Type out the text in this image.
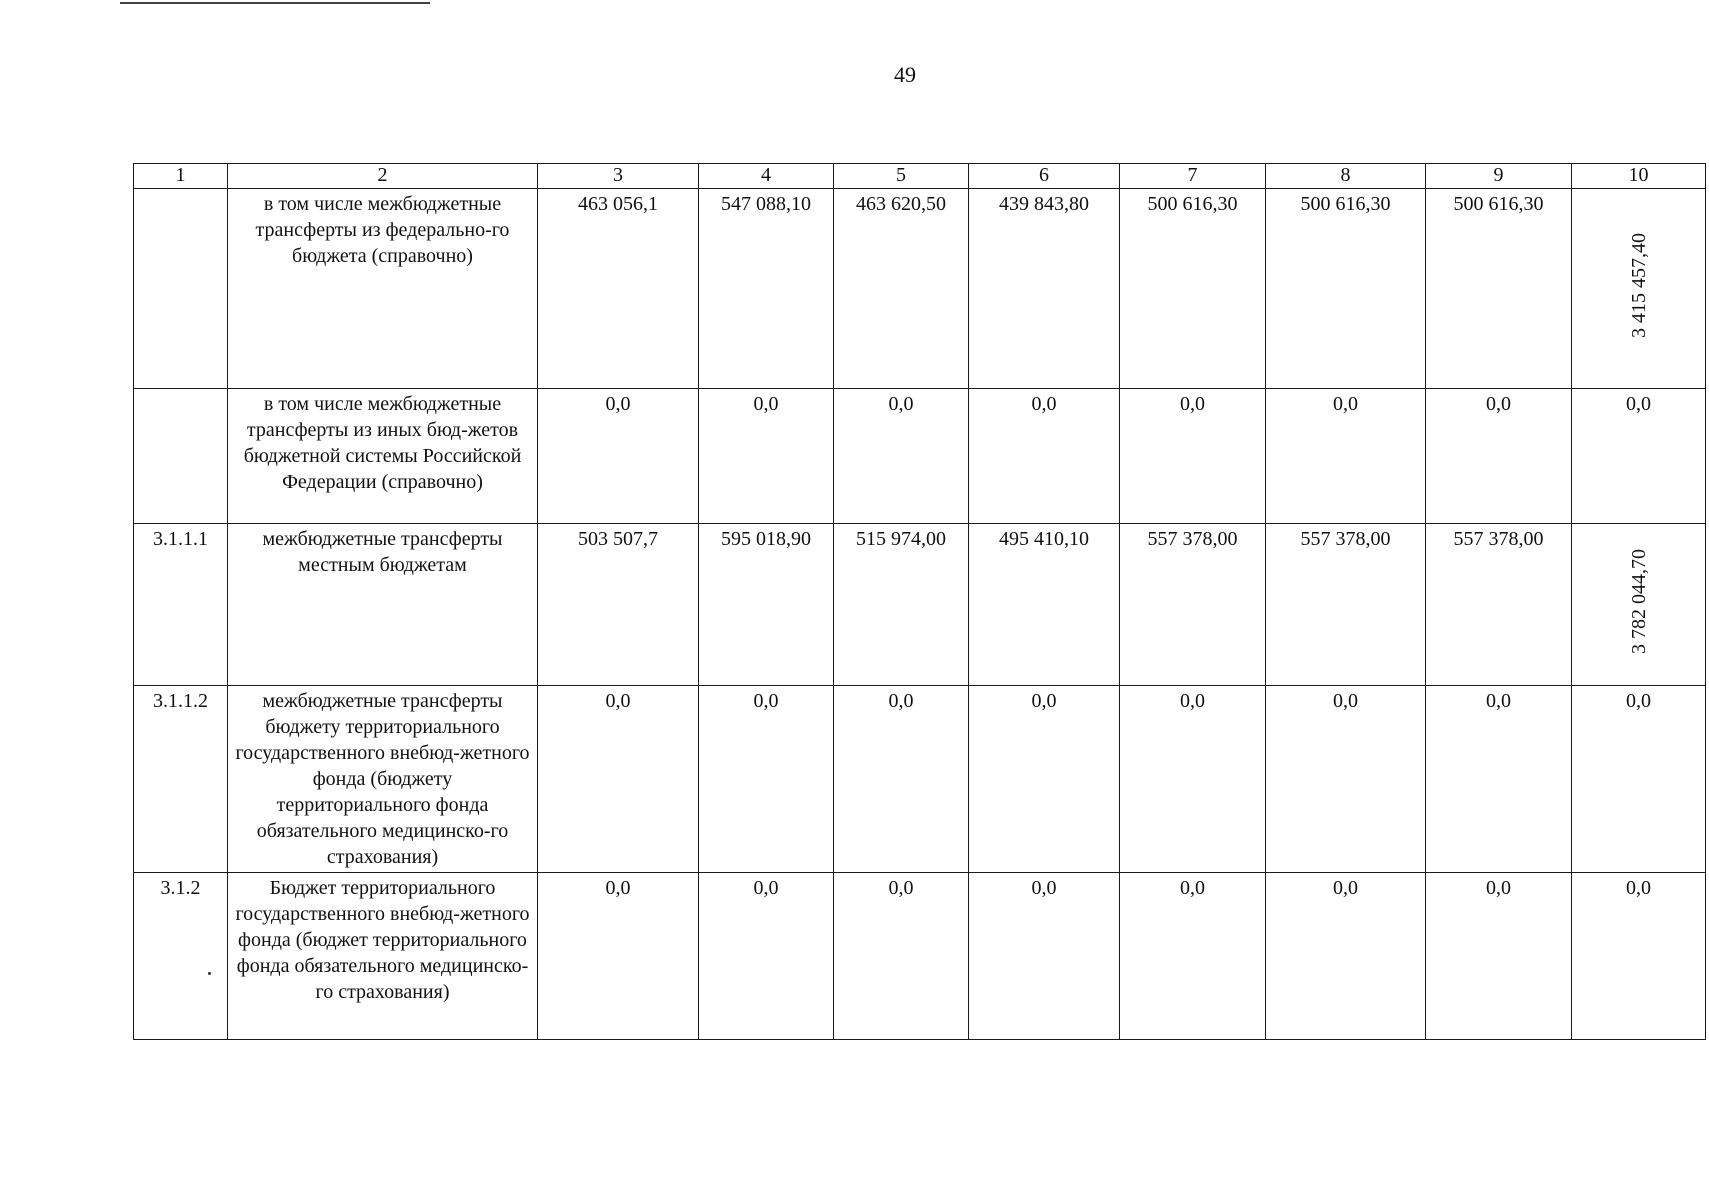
49
1	2	3	4	5	6	7	8	9	10
	в том числе межбюджетные трансферты из федерально-го бюджета (справочно)	463 056,1	547 088,10	463 620,50	439 843,80	500 616,30	500 616,30	500 616,30	3 415 457,40
	в том числе межбюджетные трансферты из иных бюд-жетов бюджетной системы Российской Федерации (справочно)	0,0	0,0	0,0	0,0	0,0	0,0	0,0	0,0
3.1.1.1	межбюджетные трансферты местным бюджетам	503 507,7	595 018,90	515 974,00	495 410,10	557 378,00	557 378,00	557 378,00	3 782 044,70
3.1.1.2	межбюджетные трансферты бюджету территориального государственного внебюд-жетного фонда (бюджету территориального фонда обязательного медицинско-го страхования)	0,0	0,0	0,0	0,0	0,0	0,0	0,0	0,0
3.1.2	Бюджет территориального государственного внебюд-жетного фонда (бюджет территориального фонда обязательного медицинско-го страхования)	0,0	0,0	0,0	0,0	0,0	0,0	0,0	0,0
